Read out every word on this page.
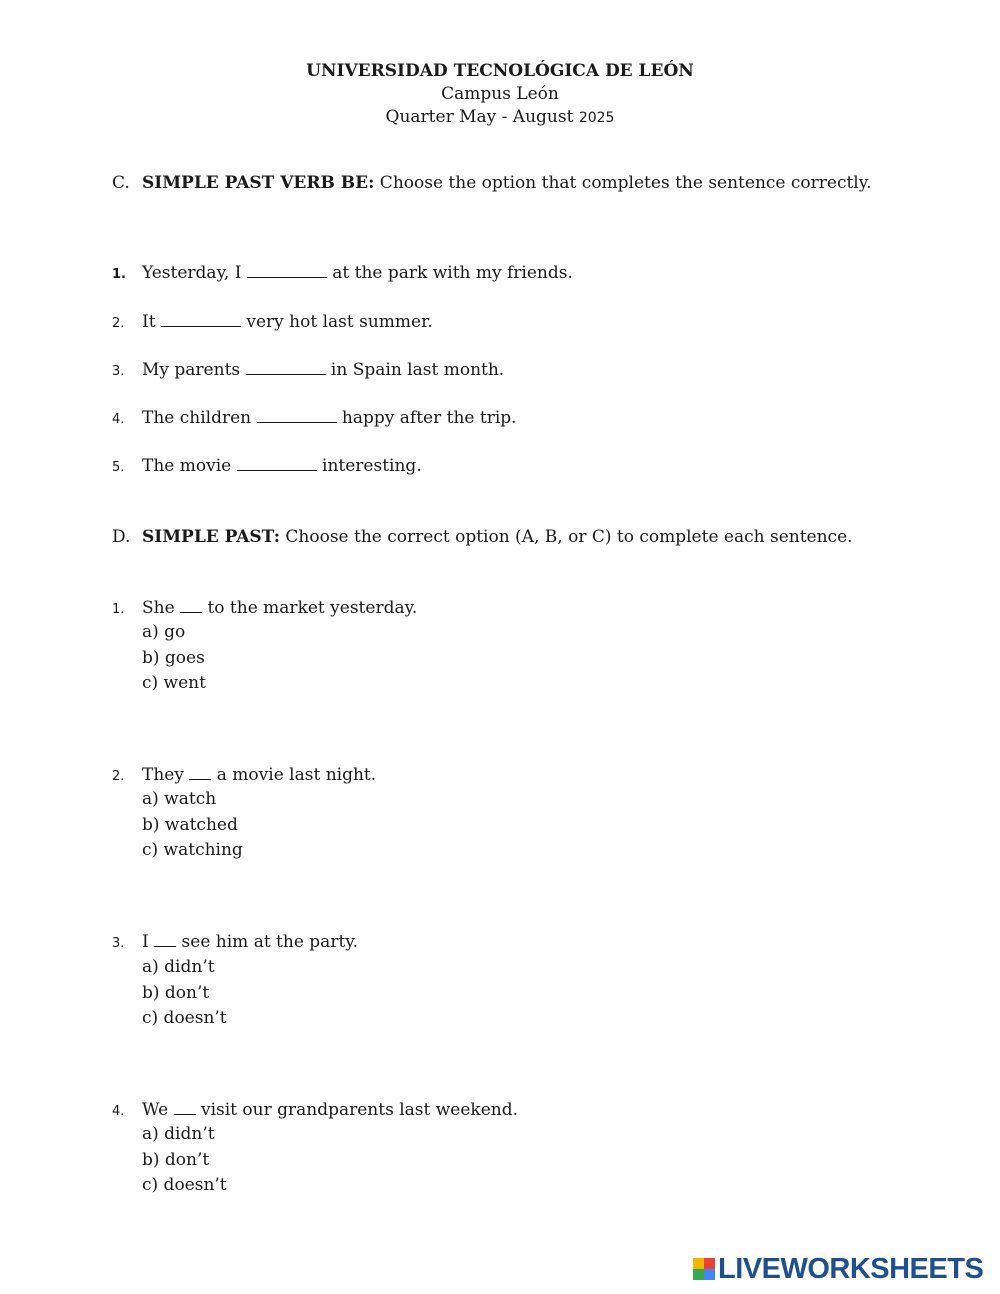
UNIVERSIDAD TECNOLÓGICA DE LEÓN
Campus León
Quarter May ‐ August 2025
C. SIMPLE PAST VERB BE: Choose the option that completes the sentence correctly.
1. Yesterday, I	at the park with my friends.
2. It	very hot last summer.
3. My parents	in Spain last month.
4. The children	happy after the trip.
5. The movie	interesting.
D. SIMPLE PAST: Choose the correct option (A, B, or C) to complete each sentence.
1. She  to the market yesterday.
a) go
b) goes
c) went
2. They  a movie last night.
a) watch
b) watched
c) watching
3. I  see him at the party.
a) didn’t
b) don’t
c) doesn’t
4. We  visit our grandparents last weekend.
a) didn’t
b) don’t
c) doesn’t
LIVEWORKSHEETS
